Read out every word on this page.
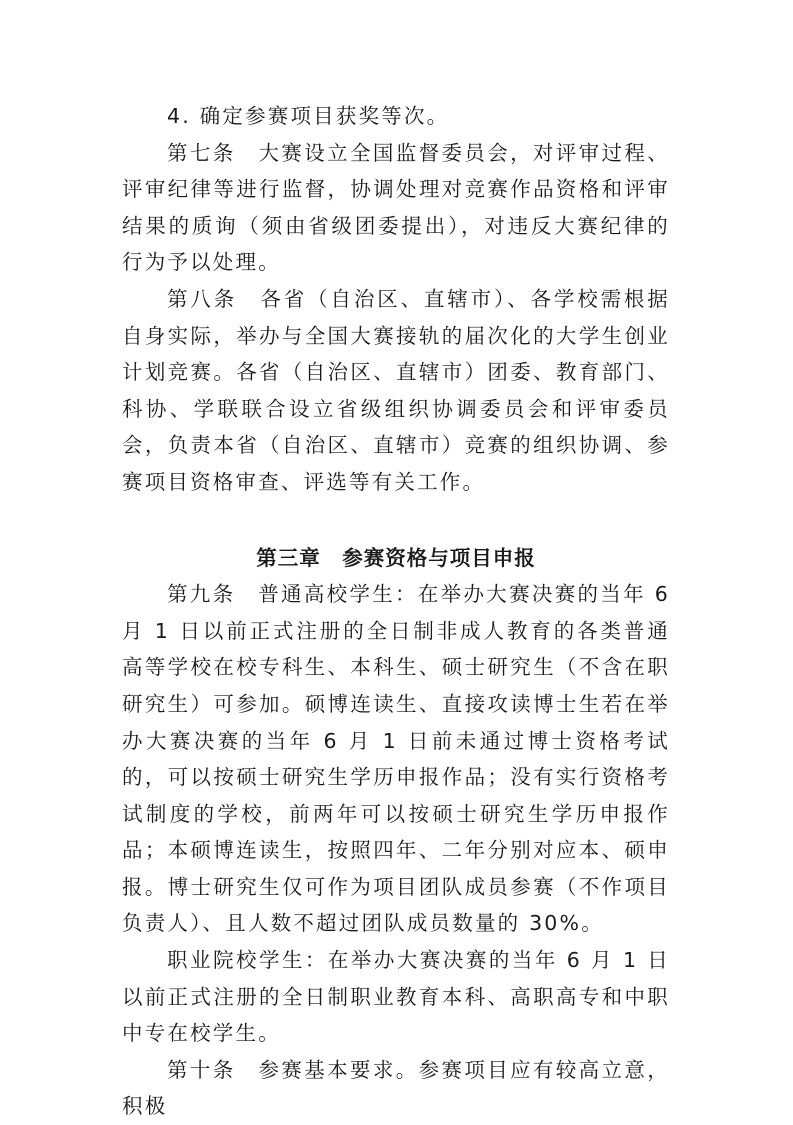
4. 确定参赛项目获奖等次。

第七条　大赛设立全国监督委员会，对评审过程、评审纪律等进行监督，协调处理对竞赛作品资格和评审结果的质询（须由省级团委提出），对违反大赛纪律的行为予以处理。

第八条　各省（自治区、直辖市）、各学校需根据自身实际，举办与全国大赛接轨的届次化的大学生创业计划竞赛。各省（自治区、直辖市）团委、教育部门、科协、学联联合设立省级组织协调委员会和评审委员会，负责本省（自治区、直辖市）竞赛的组织协调、参赛项目资格审查、评选等有关工作。

第三章　参赛资格与项目申报

第九条　普通高校学生：在举办大赛决赛的当年 6 月 1 日以前正式注册的全日制非成人教育的各类普通高等学校在校专科生、本科生、硕士研究生（不含在职研究生）可参加。硕博连读生、直接攻读博士生若在举办大赛决赛的当年 6 月 1 日前未通过博士资格考试的，可以按硕士研究生学历申报作品；没有实行资格考试制度的学校，前两年可以按硕士研究生学历申报作品；本硕博连读生，按照四年、二年分别对应本、硕申报。博士研究生仅可作为项目团队成员参赛（不作项目负责人）、且人数不超过团队成员数量的 30%。

职业院校学生：在举办大赛决赛的当年 6 月 1 日以前正式注册的全日制职业教育本科、高职高专和中职中专在校学生。

第十条　参赛基本要求。参赛项目应有较高立意，积极
